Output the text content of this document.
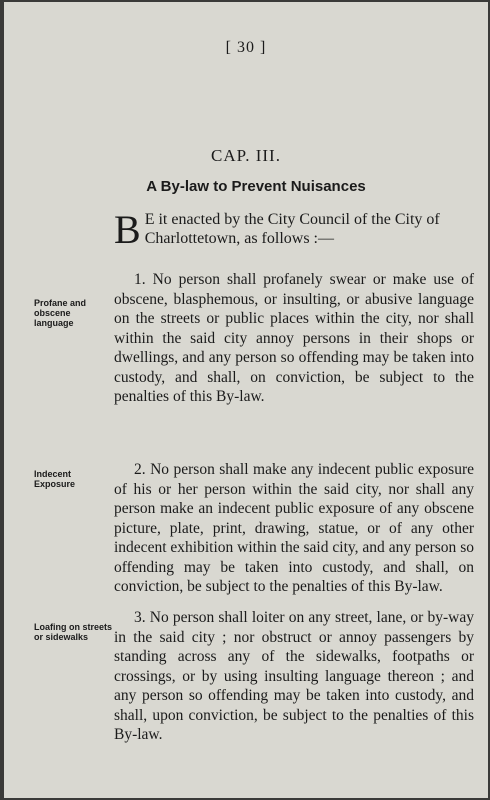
[ 30 ]
CAP. III.
A By-law to Prevent Nuisances
B E it enacted by the City Council of the City of Charlottetown, as follows :—
Profane and obscene language
1. No person shall profanely swear or make use of obscene, blasphemous, or insulting, or abusive language on the streets or public places within the city, nor shall within the said city annoy persons in their shops or dwellings, and any person so offending may be taken into custody, and shall, on conviction, be subject to the penalties of this By-law.
Indecent Exposure
2. No person shall make any indecent public exposure of his or her person within the said city, nor shall any person make an indecent public exposure of any obscene picture, plate, print, drawing, statue, or of any other indecent exhibition within the said city, and any person so offending may be taken into custody, and shall, on conviction, be subject to the penalties of this By-law.
Loafing on streets or sidewalks
3. No person shall loiter on any street, lane, or by-way in the said city ; nor obstruct or annoy passengers by standing across any of the sidewalks, footpaths or crossings, or by using insulting language thereon ; and any person so offending may be taken into custody, and shall, upon conviction, be subject to the penalties of this By-law.
